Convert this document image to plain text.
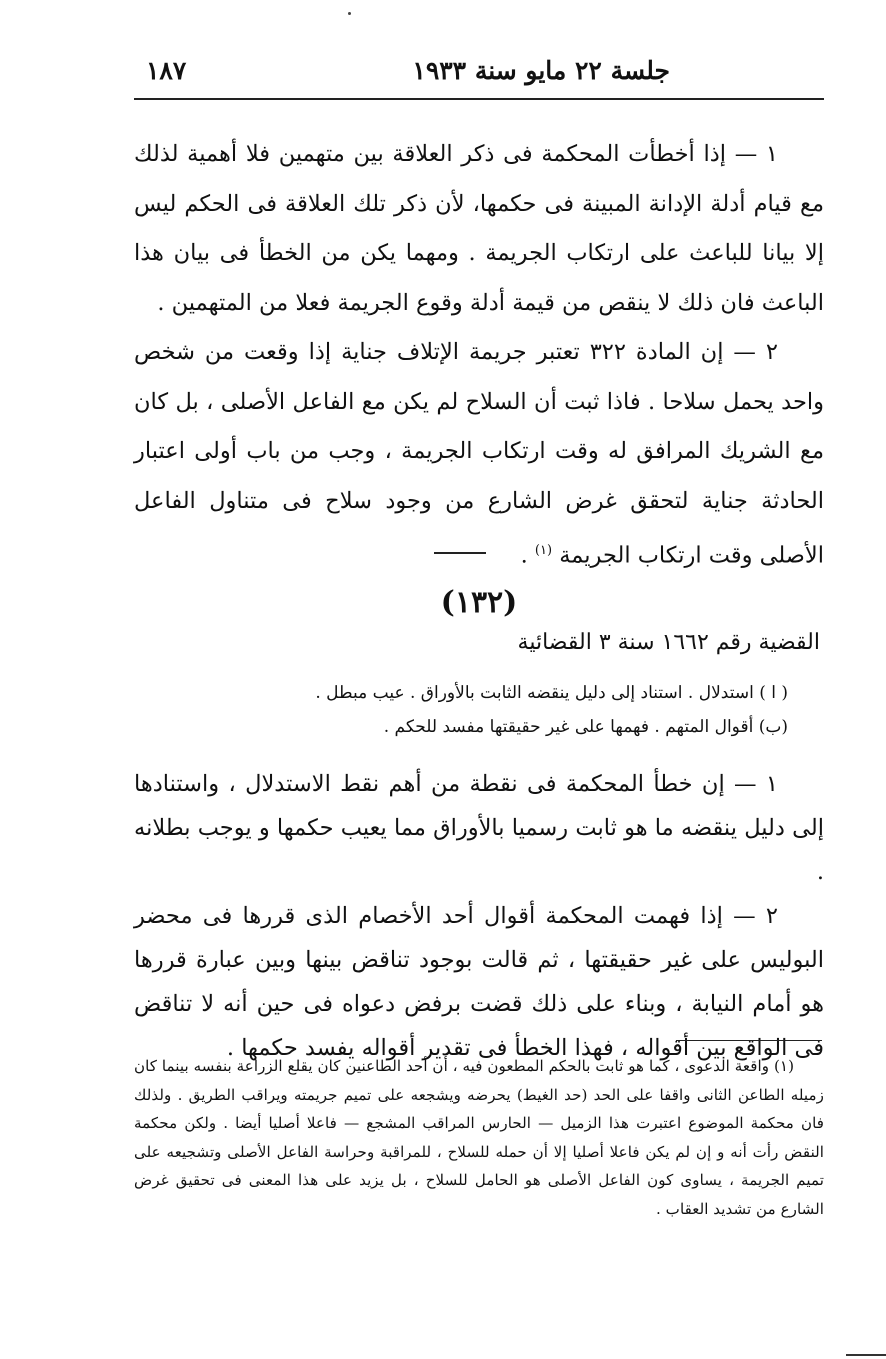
جلسة ٢٢ مايو سنة ١٩٣٣
١٨٧

١ — إذا أخطأت المحكمة فى ذكر العلاقة بين متهمين فلا أهمية لذلك مع قيام أدلة الإدانة المبينة فى حكمها، لأن ذكر تلك العلاقة فى الحكم ليس إلا بيانا للباعث على ارتكاب الجريمة . ومهما يكن من الخطأ فى بيان هذا الباعث فان ذلك لا ينقص من قيمة أدلة وقوع الجريمة فعلا من المتهمين .

٢ — إن المادة ٣٢٢ تعتبر جريمة الإتلاف جناية إذا وقعت من شخص واحد يحمل سلاحا . فاذا ثبت أن السلاح لم يكن مع الفاعل الأصلى ، بل كان مع الشريك المرافق له وقت ارتكاب الجريمة ، وجب من باب أولى اعتبار الحادثة جناية لتحقق غرض الشارع من وجود سلاح فى متناول الفاعل الأصلى وقت ارتكاب الجريمة $^{(١)}$ .

(١٣٢)
القضية رقم ١٦٦٢ سنة ٣ القضائية
( ا ) استدلال . استناد إلى دليل ينقضه الثابت بالأوراق . عيب مبطل .
(ب) أقوال المتهم . فهمها على غير حقيقتها مفسد للحكم .

١ — إن خطأ المحكمة فى نقطة من أهم نقط الاستدلال ، واستنادها إلى دليل ينقضه ما هو ثابت رسميا بالأوراق مما يعيب حكمها و يوجب بطلانه .

٢ — إذا فهمت المحكمة أقوال أحد الأخصام الذى قررها فى محضر البوليس على غير حقيقتها ، ثم قالت بوجود تناقض بينها وبين عبارة قررها هو أمام النيابة ، وبناء على ذلك قضت برفض دعواه فى حين أنه لا تناقض فى الواقع بين أقواله ، فهذا الخطأ فى تقدير أقواله يفسد حكمها .

(١) واقعة الدعوى ، كما هو ثابت بالحكم المطعون فيه ، أن أحد الطاعنين كان يقلع الزراعة بنفسه بينما كان زميله الطاعن الثانى واقفا على الحد (حد الغيط) يحرضه ويشجعه على تميم جريمته ويراقب الطريق . ولذلك فان محكمة الموضوع اعتبرت هذا الزميل — الحارس المراقب المشجع — فاعلا أصليا أيضا . ولكن محكمة النقض رأت أنه و إن لم يكن فاعلا أصليا إلا أن حمله للسلاح ، للمراقبة وحراسة الفاعل الأصلى وتشجيعه على تميم الجريمة ، يساوى كون الفاعل الأصلى هو الحامل للسلاح ، بل يزيد على هذا المعنى فى تحقيق غرض الشارع من تشديد العقاب .
